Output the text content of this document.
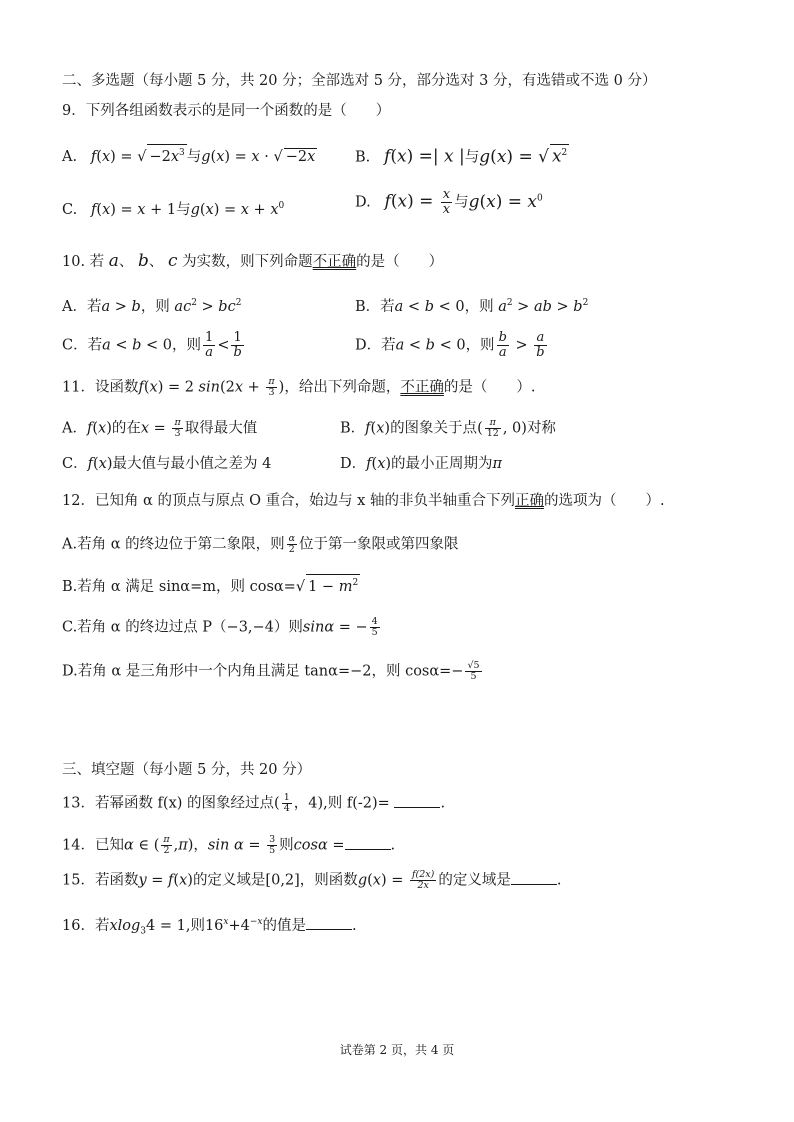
二、多选题（每小题 5 分，共 20 分；全部选对 5 分，部分选对 3 分，有选错或不选 0 分）
9．下列各组函数表示的是同一个函数的是（　　）
A. f(x) = √ $-2x^3$ 与g(x) = x · √ −2x	B. f(x) =| x |与g(x) = √ $x^2$
C. f(x) = x + 1与$g(x) = x + x^0$	D. $f(x) = \frac{x}{x}$ 与$g(x) = x^0$
10. 若 a、 b、 c 为实数，则下列命题不正确的是（　　）
A．若a > b，则 $ac^2 > bc^2$	B．若a < b < 0，则 $a^2$ > ab > $b^2$
C．若a < b < 0，则 $\frac{1}{a} < \frac{1}{b}$	D．若a < b < 0，则 $\frac{b}{a} > \frac{a}{b}$
11．设函数f(x) = 2 $\sin(2x + \frac{\pi}{3}$ )，给出下列命题，不正确的是（　　）.
A．f(x)的在$x = \frac{\pi}{3}$ 取得最大值	B．f(x)的图象关于点( $\frac{\pi}{12}$ , 0)对称
C．f(x)最大值与最小值之差为 4	D．f(x)的最小正周期为π
12．已知角 α 的顶点与原点 O 重合，始边与 x 轴的非负半轴重合下列正确的选项为（　　）.
A.若角 α 的终边位于第二象限，则 $\frac{\alpha}{2}$ 位于第一象限或第四象限
B.若角 α 满足 sinα=m，则 cosα=√ $1 - m^2$
C.若角 α 的终边过点 P（−3,−4）则sinα = − $\frac{4}{5}$
D.若角 α 是三角形中一个内角且满足 tanα=−2，则 $\cos\alpha=- \frac{√5}{5}$
三、填空题（每小题 5 分，共 20 分）
13．若幂函数 f(x) 的图象经过点( $\frac{1}{4}$ ，4),则 f(-2)=	.
14．已知α ∈ ( $\frac{\pi}{2} ,\pi$)，$\sin \alpha = \frac{3}{5}$ 则cosα =	.
15．若函数y = f(x)的定义域是[0,2]，则函数$g(x) = \frac{f(2x)}{2x}$ 的定义域是	.
16．若xlog$_3$4 = 1,则$16^x+4^{-x}$的值是	.
试卷第 2 页，共 4 页
